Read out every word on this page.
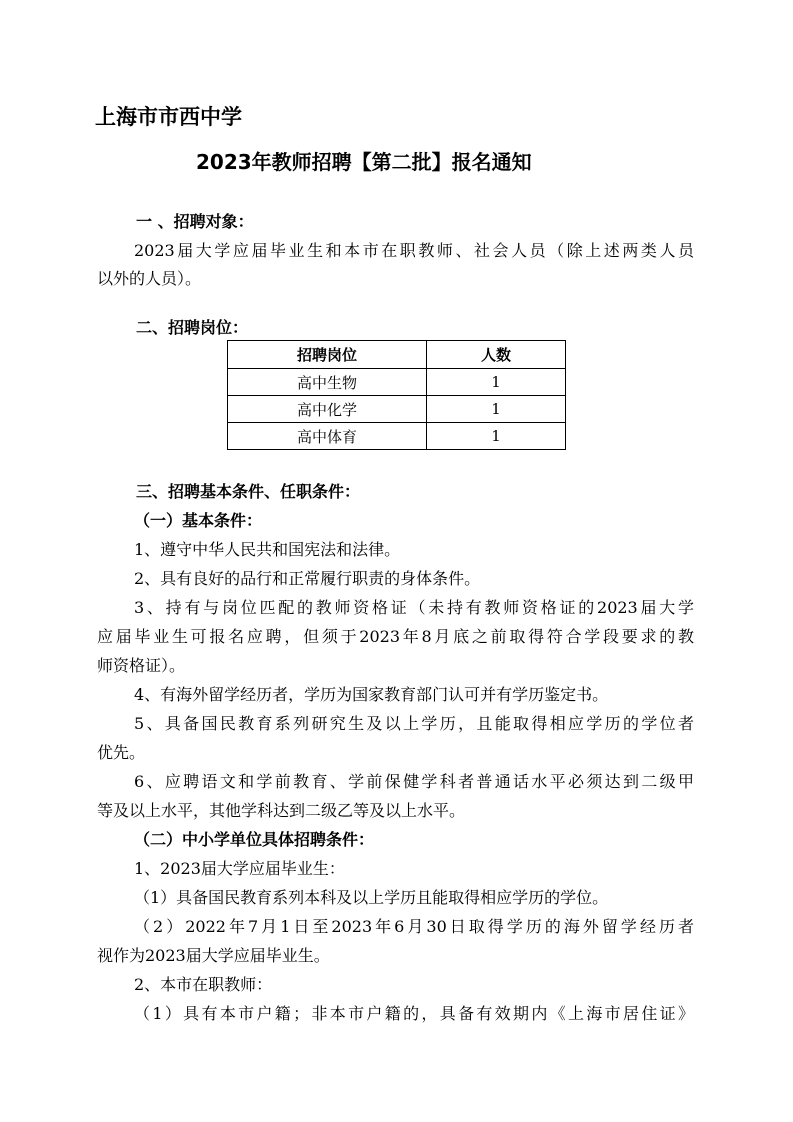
上海市市西中学
2023年教师招聘【第二批】报名通知
一 、招聘对象：
2023届大学应届毕业生和本市在职教师、社会人员（除上述两类人员
以外的人员）。
二、招聘岗位：
招聘岗位	人数
高中生物	1
高中化学	1
高中体育	1
三、招聘基本条件、任职条件：
（一）基本条件：
1、遵守中华人民共和国宪法和法律。
2、具有良好的品行和正常履行职责的身体条件。
3、持有与岗位匹配的教师资格证（未持有教师资格证的2023届大学
应届毕业生可报名应聘，但须于2023年8月底之前取得符合学段要求的教
师资格证）。
4、有海外留学经历者，学历为国家教育部门认可并有学历鉴定书。
5、具备国民教育系列研究生及以上学历，且能取得相应学历的学位者
优先。
6、应聘语文和学前教育、学前保健学科者普通话水平必须达到二级甲
等及以上水平，其他学科达到二级乙等及以上水平。
（二）中小学单位具体招聘条件：
1、2023届大学应届毕业生：
（1）具备国民教育系列本科及以上学历且能取得相应学历的学位。
（2）2022年7月1日至2023年6月30日取得学历的海外留学经历者
视作为2023届大学应届毕业生。
2、本市在职教师：
（1）具有本市户籍；非本市户籍的，具备有效期内《上海市居住证》
